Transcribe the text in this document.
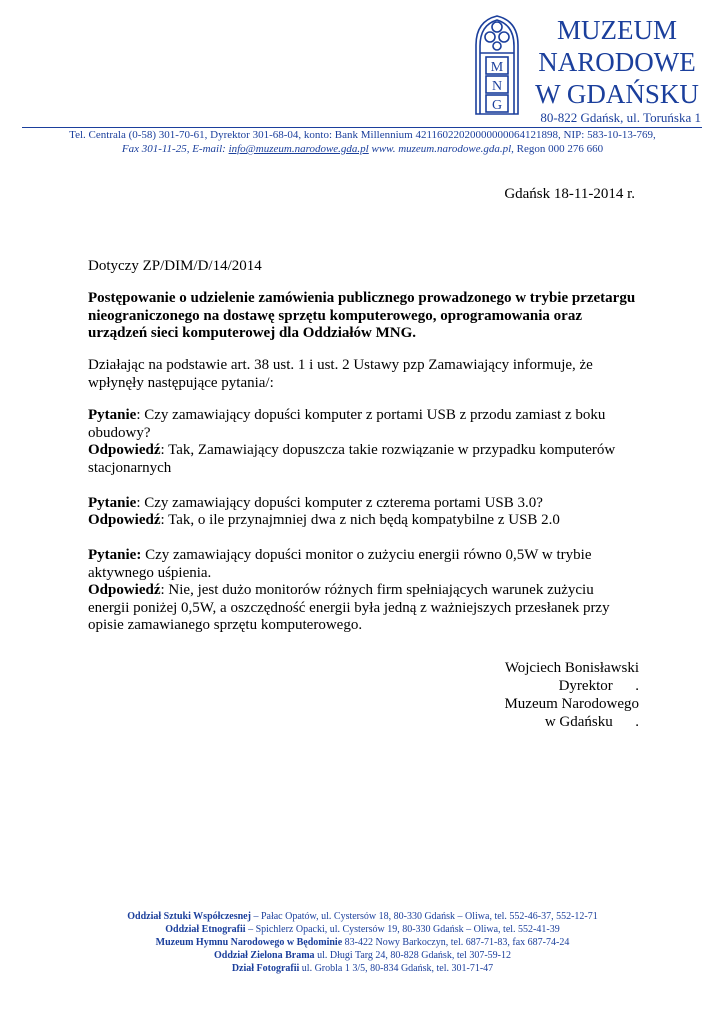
M
N
G
MUZEUM
NARODOWE
W GDAŃSKU
80-822 Gdańsk, ul. Toruńska 1
Tel. Centrala (0-58) 301-70-61, Dyrektor 301-68-04, konto: Bank Millennium 42116022020000000064121898, NIP: 583-10-13-769,
Fax 301-11-25, E-mail: info@muzeum.narodowe.gda.pl www. muzeum.narodowe.gda.pl, Regon 000 276 660
Gdańsk 18-11-2014 r.
Dotyczy ZP/DIM/D/14/2014
Postępowanie o udzielenie zamówienia publicznego prowadzonego w trybie przetargu nieograniczonego na dostawę sprzętu komputerowego, oprogramowania oraz urządzeń sieci komputerowej dla Oddziałów MNG.
Działając na podstawie art. 38 ust. 1 i ust. 2 Ustawy pzp Zamawiający informuje, że wpłynęły następujące pytania/:

Pytanie: Czy zamawiający dopuści komputer z portami USB z przodu zamiast z boku obudowy?

Odpowiedź: Tak, Zamawiający dopuszcza takie rozwiązanie w przypadku komputerów stacjonarnych

Pytanie: Czy zamawiający dopuści komputer z czterema portami USB 3.0?

Odpowiedź: Tak, o ile przynajmniej dwa z nich będą kompatybilne z USB 2.0

Pytanie: Czy zamawiający dopuści monitor o zużyciu energii równo 0,5W w trybie aktywnego uśpienia.

Odpowiedź: Nie, jest dużo monitorów różnych firm spełniających warunek zużyciu energii poniżej 0,5W, a oszczędność energii była jedną z ważniejszych przesłanek przy opisie zamawianego sprzętu komputerowego.

Wojciech Bonisławski
Dyrektor      .
Muzeum Narodowego
w Gdańsku      .
Oddział Sztuki Współczesnej – Pałac Opatów, ul. Cystersów 18, 80-330 Gdańsk – Oliwa, tel. 552-46-37, 552-12-71
Oddział Etnografii – Spichlerz Opacki, ul. Cystersów 19, 80-330 Gdańsk – Oliwa, tel. 552-41-39
Muzeum Hymnu Narodowego w Będominie 83-422 Nowy Barkoczyn, tel. 687-71-83, fax 687-74-24
Oddział Zielona Brama ul. Długi Targ 24, 80-828 Gdańsk, tel 307-59-12
Dział Fotografii ul. Grobla 1 3/5, 80-834 Gdańsk, tel. 301-71-47
